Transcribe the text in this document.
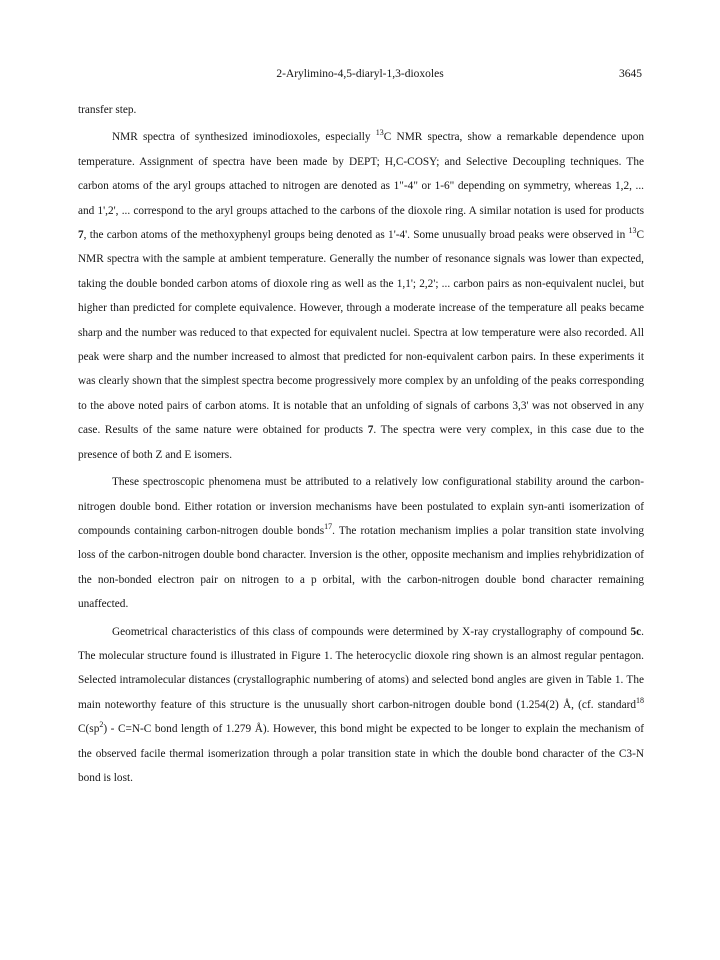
2-Arylimino-4,5-diaryl-1,3-dioxoles	3645

transfer step.

NMR spectra of synthesized iminodioxoles, especially $^{13}$C NMR spectra, show a remarkable dependence upon temperature. Assignment of spectra have been made by DEPT; H,C-COSY; and Selective Decoupling techniques. The carbon atoms of the aryl groups attached to nitrogen are denoted as 1"-4" or 1-6" depending on symmetry, whereas 1,2, ... and 1',2', ... correspond to the aryl groups attached to the carbons of the dioxole ring. A similar notation is used for products 7, the carbon atoms of the methoxyphenyl groups being denoted as 1'-4'. Some unusually broad peaks were observed in $^{13}$C NMR spectra with the sample at ambient temperature. Generally the number of resonance signals was lower than expected, taking the double bonded carbon atoms of dioxole ring as well as the 1,1'; 2,2'; ... carbon pairs as non-equivalent nuclei, but higher than predicted for complete equivalence. However, through a moderate increase of the temperature all peaks became sharp and the number was reduced to that expected for equivalent nuclei. Spectra at low temperature were also recorded. All peak were sharp and the number increased to almost that predicted for non-equivalent carbon pairs. In these experiments it was clearly shown that the simplest spectra become progressively more complex by an unfolding of the peaks corresponding to the above noted pairs of carbon atoms. It is notable that an unfolding of signals of carbons 3,3' was not observed in any case. Results of the same nature were obtained for products 7. The spectra were very complex, in this case due to the presence of both Z and E isomers.

These spectroscopic phenomena must be attributed to a relatively low configurational stability around the carbon-nitrogen double bond. Either rotation or inversion mechanisms have been postulated to explain syn-anti isomerization of compounds containing carbon-nitrogen double bonds$^{17}$. The rotation mechanism implies a polar transition state involving loss of the carbon-nitrogen double bond character. Inversion is the other, opposite mechanism and implies rehybridization of the non-bonded electron pair on nitrogen to a p orbital, with the carbon-nitrogen double bond character remaining unaffected.

Geometrical characteristics of this class of compounds were determined by X-ray crystallography of compound 5c. The molecular structure found is illustrated in Figure 1. The heterocyclic dioxole ring shown is an almost regular pentagon. Selected intramolecular distances (crystallographic numbering of atoms) and selected bond angles are given in Table 1. The main noteworthy feature of this structure is the unusually short carbon-nitrogen double bond (1.254(2) Å, (cf. standard$^{18}$ $C(sp^2) - C=N-C$ bond length of 1.279 Å). However, this bond might be expected to be longer to explain the mechanism of the observed facile thermal isomerization through a polar transition state in which the double bond character of the C3-N bond is lost.
